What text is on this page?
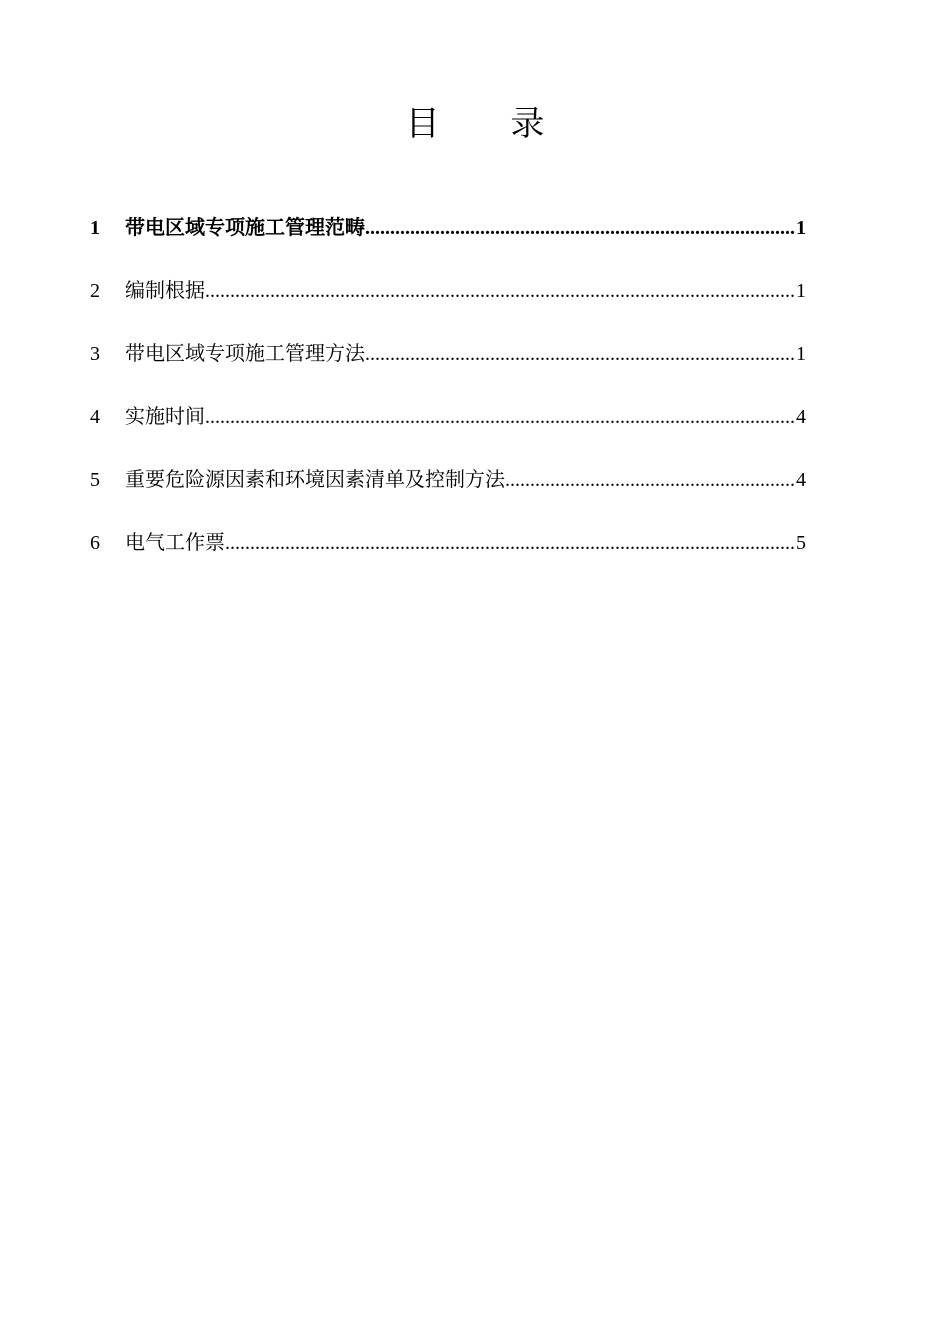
目 录
1	带电区域专项施工管理范畴 .....	1
2	编制根据 .....	1
3	带电区域专项施工管理方法 .....	1
4	实施时间 .....	4
5	重要危险源因素和环境因素清单及控制方法 .....	4
6	电气工作票 .....	5
